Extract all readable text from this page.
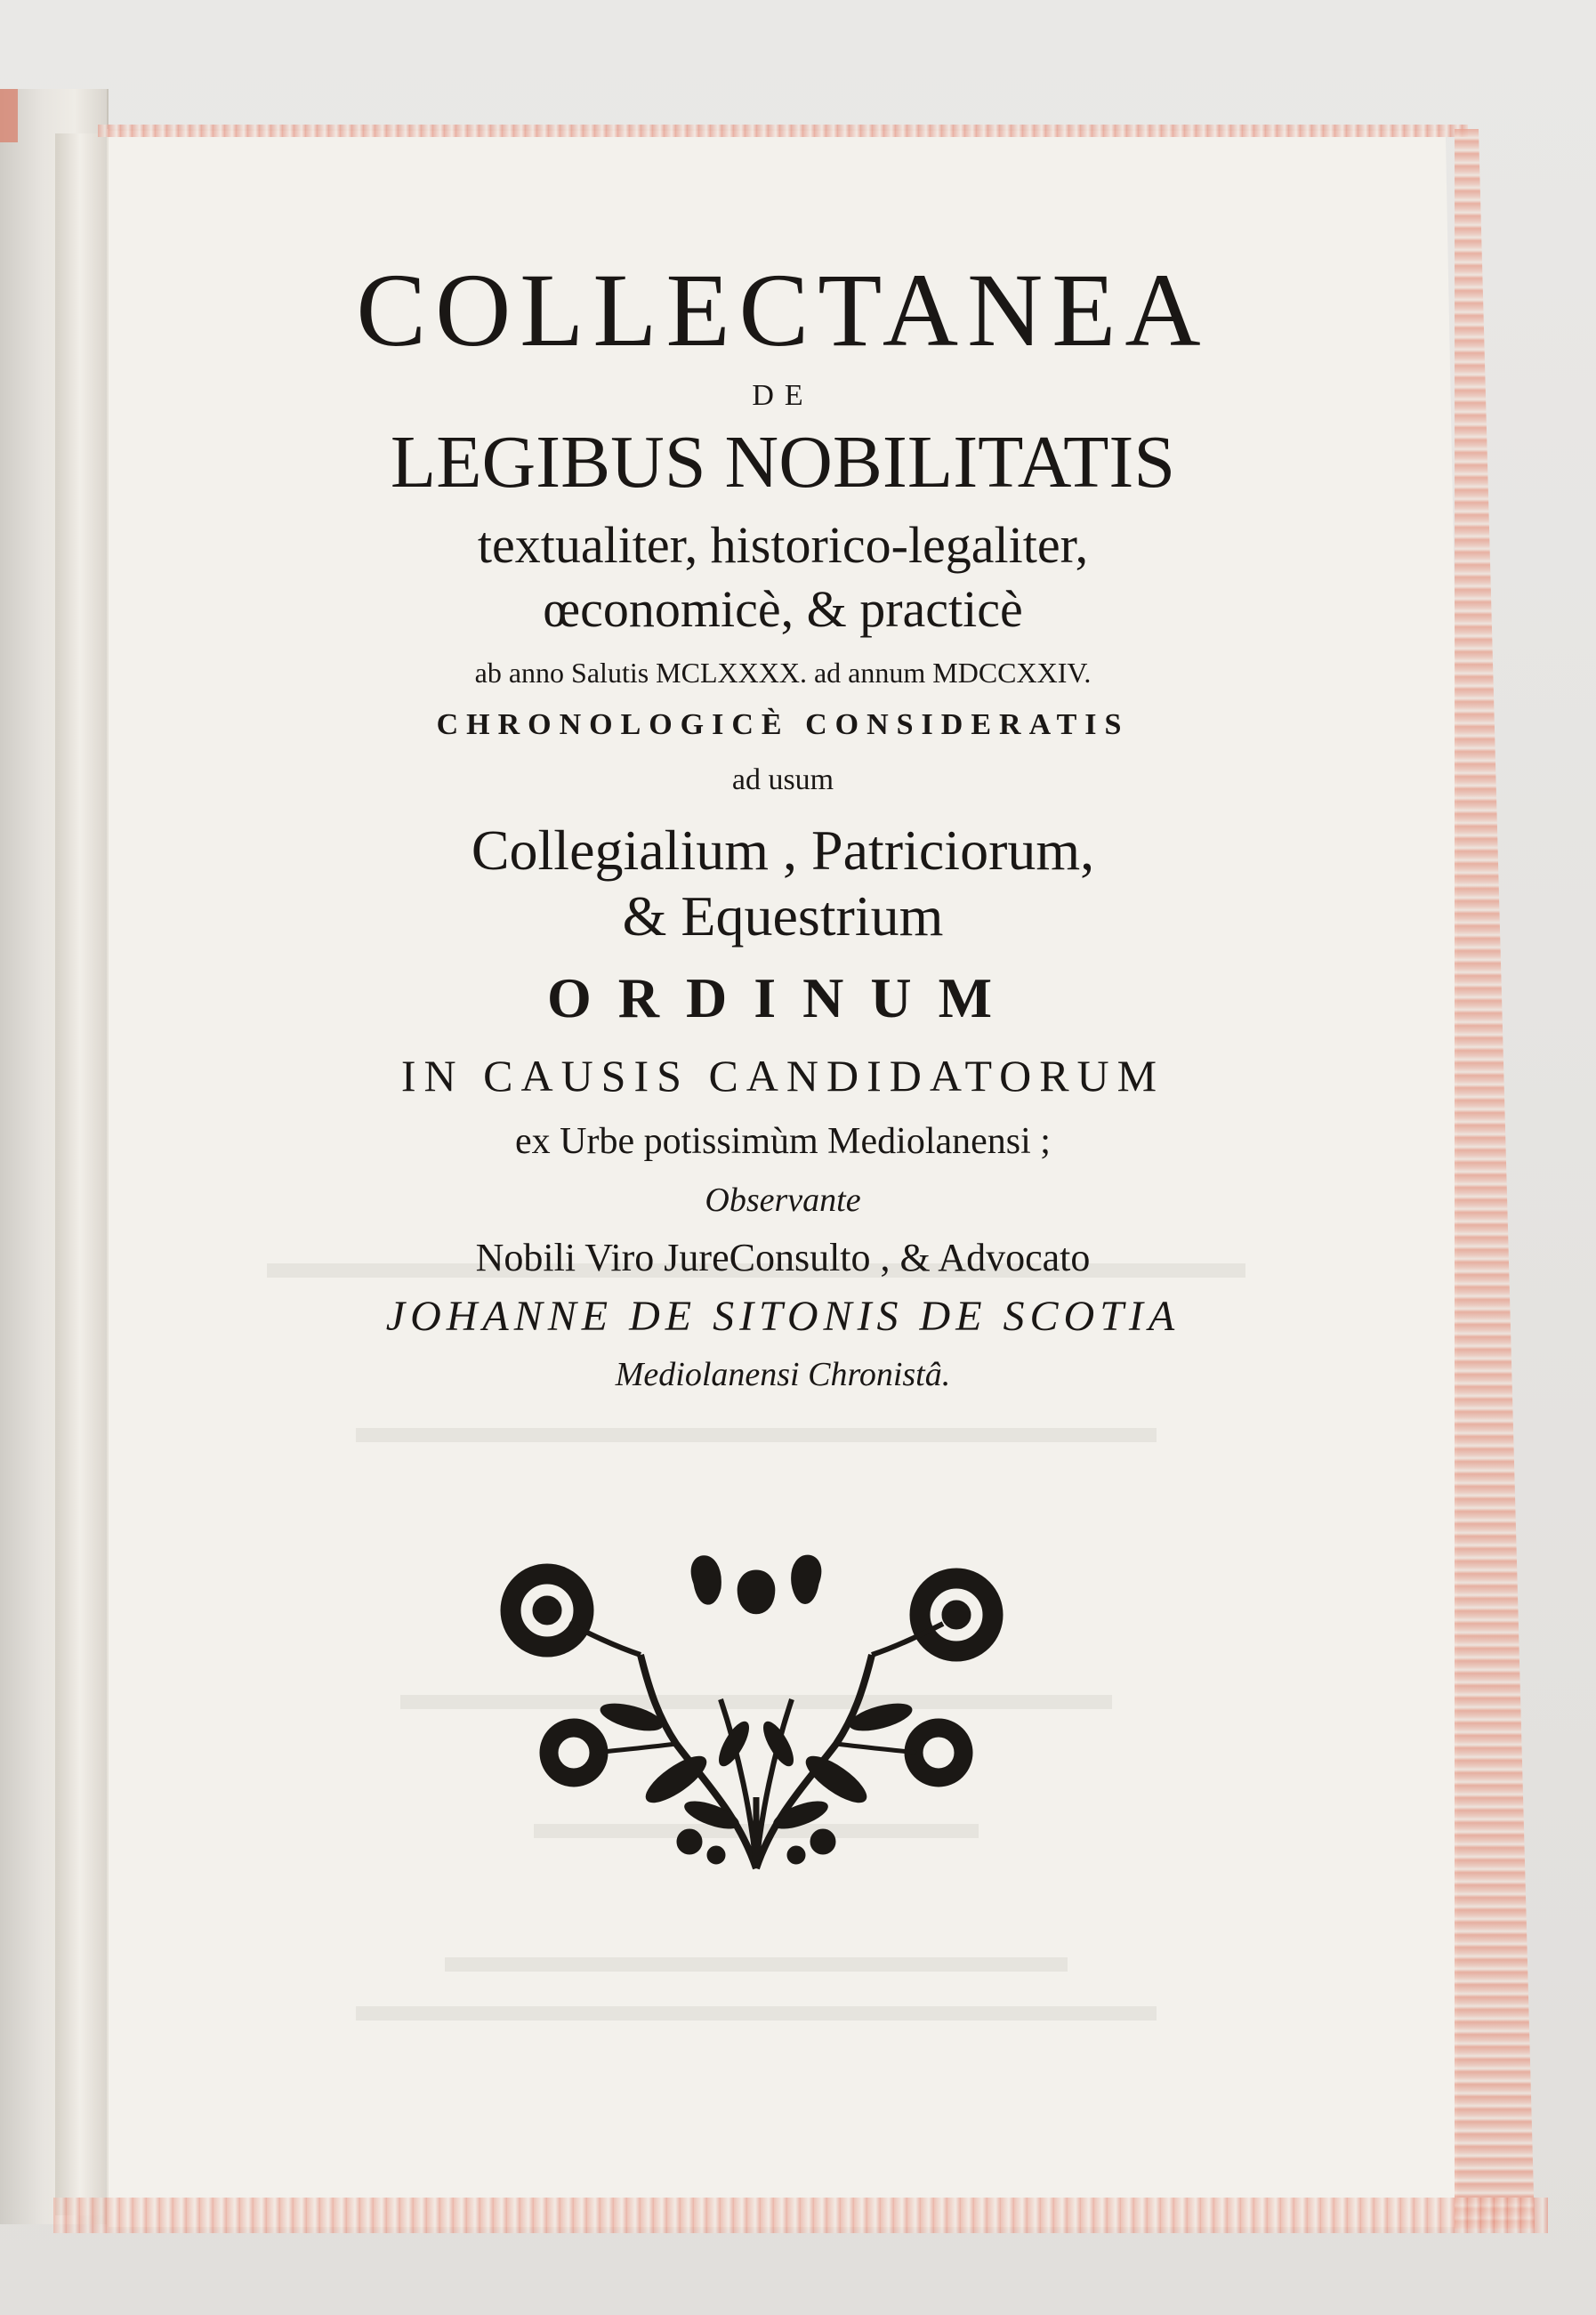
COLLECTANEA
DE
LEGIBUS NOBILITATIS
textualiter, historico-legaliter,
œconomicè, & practicè
ab anno Salutis MCLXXXX. ad annum MDCCXXIV.
CHRONOLOGICÈ CONSIDERATIS
ad usum
Collegialium , Patriciorum,
& Equestrium
ORDINUM
IN CAUSIS CANDIDATORUM
ex Urbe potissimùm Mediolanensi ;
Observante
Nobili Viro JureConsulto , & Advocato
JOHANNE DE SITONIS DE SCOTIA
Mediolanensi Chronistâ.
